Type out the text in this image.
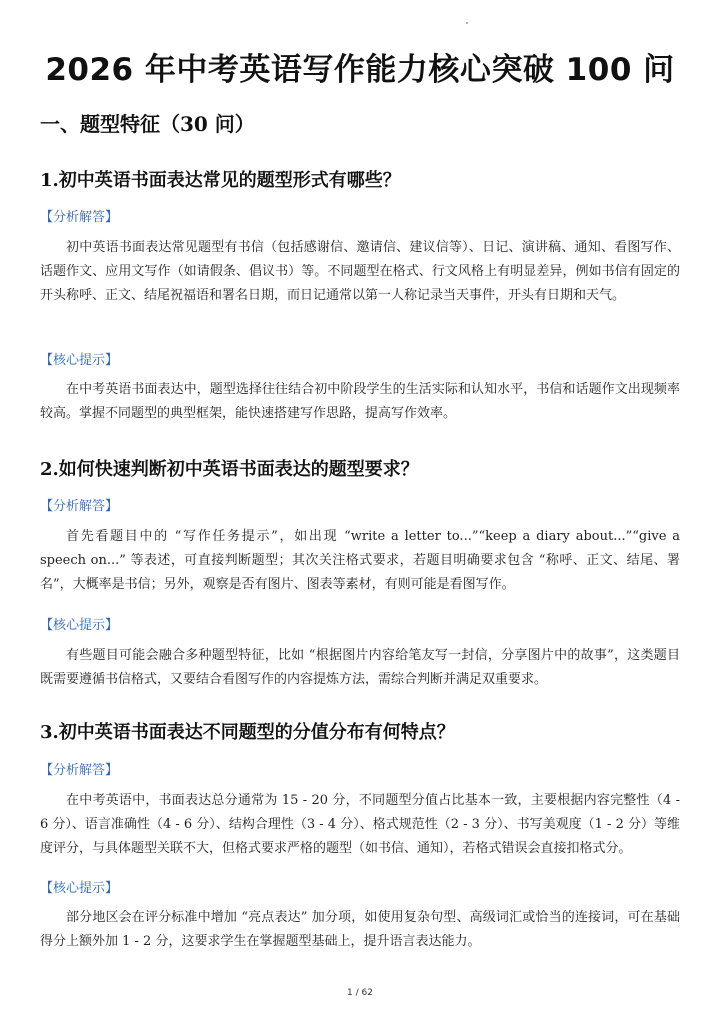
2026 年中考英语写作能力核心突破 100 问
一、题型特征（30 问）
1.初中英语书面表达常见的题型形式有哪些？
【分析解答】
初中英语书面表达常见题型有书信（包括感谢信、邀请信、建议信等）、日记、演讲稿、通知、看图写作、话题作文、应用文写作（如请假条、倡议书）等。不同题型在格式、行文风格上有明显差异，例如书信有固定的开头称呼、正文、结尾祝福语和署名日期，而日记通常以第一人称记录当天事件，开头有日期和天气。
【核心提示】
在中考英语书面表达中，题型选择往往结合初中阶段学生的生活实际和认知水平，书信和话题作文出现频率较高。掌握不同题型的典型框架，能快速搭建写作思路，提高写作效率。
2.如何快速判断初中英语书面表达的题型要求？
【分析解答】
首先看题目中的 “写作任务提示”，如出现 “write a letter to...”“keep a diary about...”“give a speech on...” 等表述，可直接判断题型；其次关注格式要求，若题目明确要求包含 “称呼、正文、结尾、署名”，大概率是书信；另外，观察是否有图片、图表等素材，有则可能是看图写作。
【核心提示】
有些题目可能会融合多种题型特征，比如 “根据图片内容给笔友写一封信，分享图片中的故事”，这类题目既需要遵循书信格式，又要结合看图写作的内容提炼方法，需综合判断并满足双重要求。
3.初中英语书面表达不同题型的分值分布有何特点？
【分析解答】
在中考英语中，书面表达总分通常为 15 - 20 分，不同题型分值占比基本一致，主要根据内容完整性（4 - 6 分）、语言准确性（4 - 6 分）、结构合理性（3 - 4 分）、格式规范性（2 - 3 分）、书写美观度（1 - 2 分）等维度评分，与具体题型关联不大，但格式要求严格的题型（如书信、通知），若格式错误会直接扣格式分。
【核心提示】
部分地区会在评分标准中增加 “亮点表达” 加分项，如使用复杂句型、高级词汇或恰当的连接词，可在基础得分上额外加 1 - 2 分，这要求学生在掌握题型基础上，提升语言表达能力。
1 / 62
